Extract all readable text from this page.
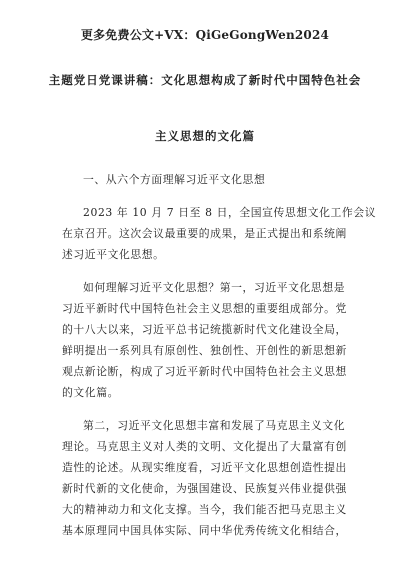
更多免费公文+VX：QiGeGongWen2024
主题党日党课讲稿：文化思想构成了新时代中国特色社会
主义思想的文化篇
一、从六个方面理解习近平文化思想
2023 年 10 月 7 日至 8 日，全国宣传思想文化工作会议
在京召开。这次会议最重要的成果，是正式提出和系统阐
述习近平文化思想。
如何理解习近平文化思想？第一，习近平文化思想是
习近平新时代中国特色社会主义思想的重要组成部分。党
的十八大以来，习近平总书记统揽新时代文化建设全局，
鲜明提出一系列具有原创性、独创性、开创性的新思想新
观点新论断，构成了习近平新时代中国特色社会主义思想
的文化篇。
第二，习近平文化思想丰富和发展了马克思主义文化
理论。马克思主义对人类的文明、文化提出了大量富有创
造性的论述。从现实维度看，习近平文化思想创造性提出
新时代新的文化使命，为强国建设、民族复兴伟业提供强
大的精神动力和文化支撑。当今，我们能否把马克思主义
基本原理同中国具体实际、同中华优秀传统文化相结合，
